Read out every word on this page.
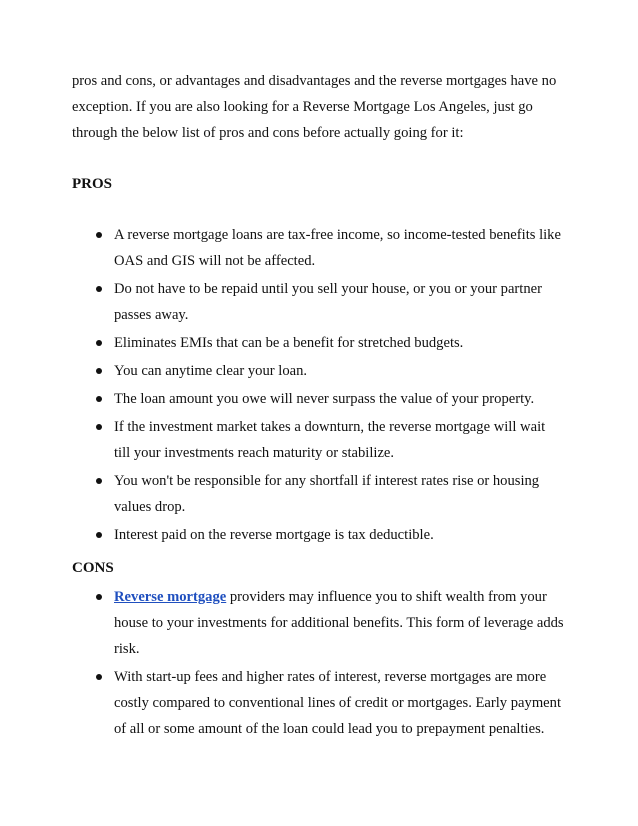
pros and cons, or advantages and disadvantages and the reverse mortgages have no
exception. If you are also looking for a Reverse Mortgage Los Angeles, just go
through the below list of pros and cons before actually going for it:

PROS
A reverse mortgage loans are tax-free income, so income-tested benefits like
OAS and GIS will not be affected.
Do not have to be repaid until you sell your house, or you or your partner
passes away.
Eliminates EMIs that can be a benefit for stretched budgets.
You can anytime clear your loan.
The loan amount you owe will never surpass the value of your property.
If the investment market takes a downturn, the reverse mortgage will wait
till your investments reach maturity or stabilize.
You won't be responsible for any shortfall if interest rates rise or housing
values drop.
Interest paid on the reverse mortgage is tax deductible.
CONS
Reverse mortgage providers may influence you to shift wealth from your
house to your investments for additional benefits. This form of leverage adds
risk.
With start-up fees and higher rates of interest, reverse mortgages are more
costly compared to conventional lines of credit or mortgages. Early payment
of all or some amount of the loan could lead you to prepayment penalties.
